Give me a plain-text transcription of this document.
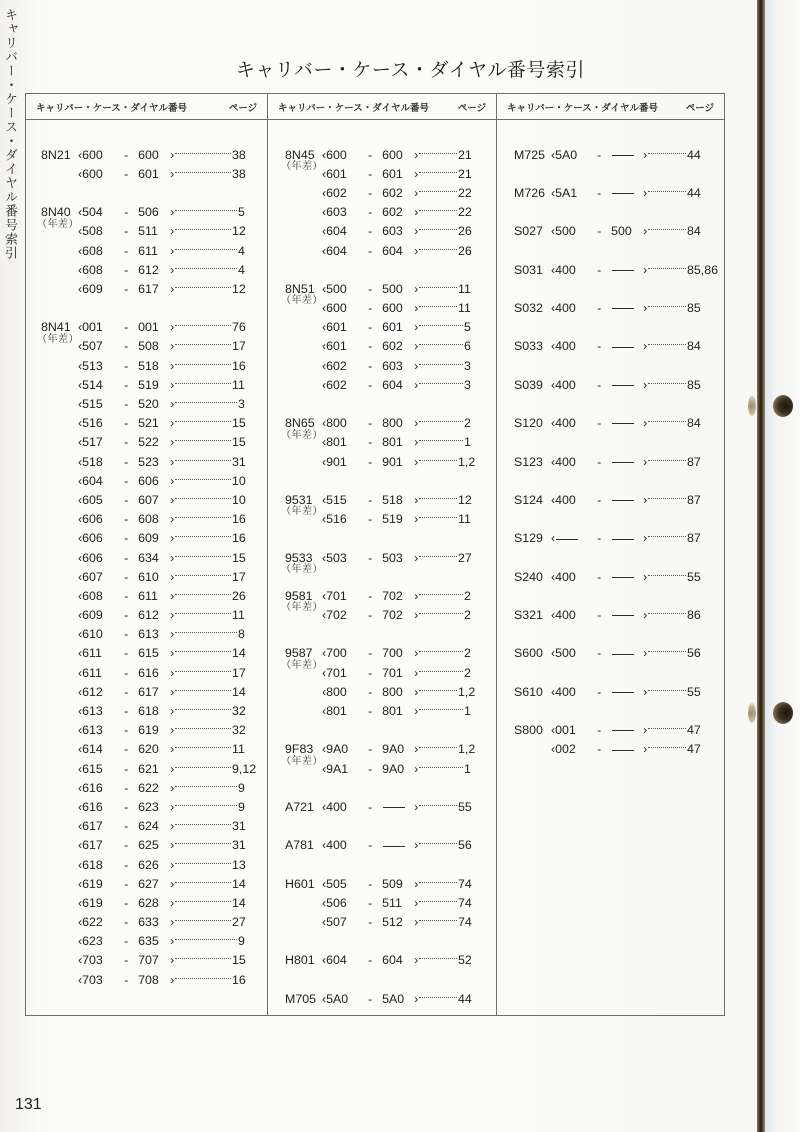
キャリバー・ケース・ダイヤル番号索引	キャリバー・ケース・ダイヤル番号索引
キャリバー・ケース・ダイヤル番号	ページ
8N21 ‹600 - 600 ›	38
‹600 - 601 ›	38
（年差）
8N40 ‹504 - 506 ›	5
‹508 - 511 ›	12
‹608 - 611 ›	4
‹608 - 612 ›	4
‹609 - 617 ›	12
（年差）
8N41 ‹001 - 001 ›	76
‹507 - 508 ›	17
‹513 - 518 ›	16
‹514 - 519 ›	11
‹515 - 520 ›	3
‹516 - 521 ›	15
‹517 - 522 ›	15
‹518 - 523 ›	31
‹604 - 606 ›	10
‹605 - 607 ›	10
‹606 - 608 ›	16
‹606 - 609 ›	16
‹606 - 634 ›	15
‹607 - 610 ›	17
‹608 - 611 ›	26
‹609 - 612 ›	11
‹610 - 613 ›	8
‹611 - 615 ›	14
‹611 - 616 ›	17
‹612 - 617 ›	14
‹613 - 618 ›	32
‹613 - 619 ›	32
‹614 - 620 ›	11
‹615 - 621 ›	9,12
‹616 - 622 ›	9
‹616 - 623 ›	9
‹617 - 624 ›	31
‹617 - 625 ›	31
‹618 - 626 ›	13
‹619 - 627 ›	14
‹619 - 628 ›	14
‹622 - 633 ›	27
‹623 - 635 ›	9
‹703 - 707 ›	15
‹703 - 708 ›	16
キャリバー・ケース・ダイヤル番号	ページ
（年差）
8N45 ‹600 - 600 ›	21
‹601 - 601 ›	21
‹602 - 602 ›	22
‹603 - 602 ›	22
‹604 - 603 ›	26
‹604 - 604 ›	26
（年差）
8N51 ‹500 - 500 ›	11
‹600 - 600 ›	11
‹601 - 601 ›	5
‹601 - 602 ›	6
‹602 - 603 ›	3
‹602 - 604 ›	3
（年差）
8N65 ‹800 - 800 ›	2
‹801 - 801 ›	1
‹901 - 901 ›	1,2
（年差）
9531 ‹515 - 518 ›	12
‹516 - 519 ›	11
（年差）
9533 ‹503 - 503 ›	27
（年差）
9581 ‹701 - 702 ›	2
‹702 - 702 ›	2
（年差）
9587 ‹700 - 700 ›	2
‹701 - 701 ›	2
‹800 - 800 ›	1,2
‹801 - 801 ›	1
（年差）
9F83 ‹9A0 - 9A0 ›	1,2
‹9A1 - 9A0 ›	1
A721 ‹400 -	›	55
A781 ‹400 -	›	56
H601 ‹505 - 509 ›	74
‹506 - 511 ›	74
‹507 - 512 ›	74
H801 ‹604 - 604 ›	52
M705 ‹5A0 - 5A0 ›	44
キャリバー・ケース・ダイヤル番号	ページ
M725 ‹5A0 -	›	44
M726 ‹5A1 -	›	44
S027 ‹500 - 500 ›	84
S031 ‹400 -	›	85,86
S032 ‹400 -	›	85
S033 ‹400 -	›	84
S039 ‹400 -	›	85
S120 ‹400 -	›	84
S123 ‹400 -	›	87
S124 ‹400 -	›	87
S129 ‹	-	›	87
S240 ‹400 -	›	55
S321 ‹400 -	›	86
S600 ‹500 -	›	56
S610 ‹400 -	›	55
S800 ‹001 -	›	47
‹002 -	›	47
131
